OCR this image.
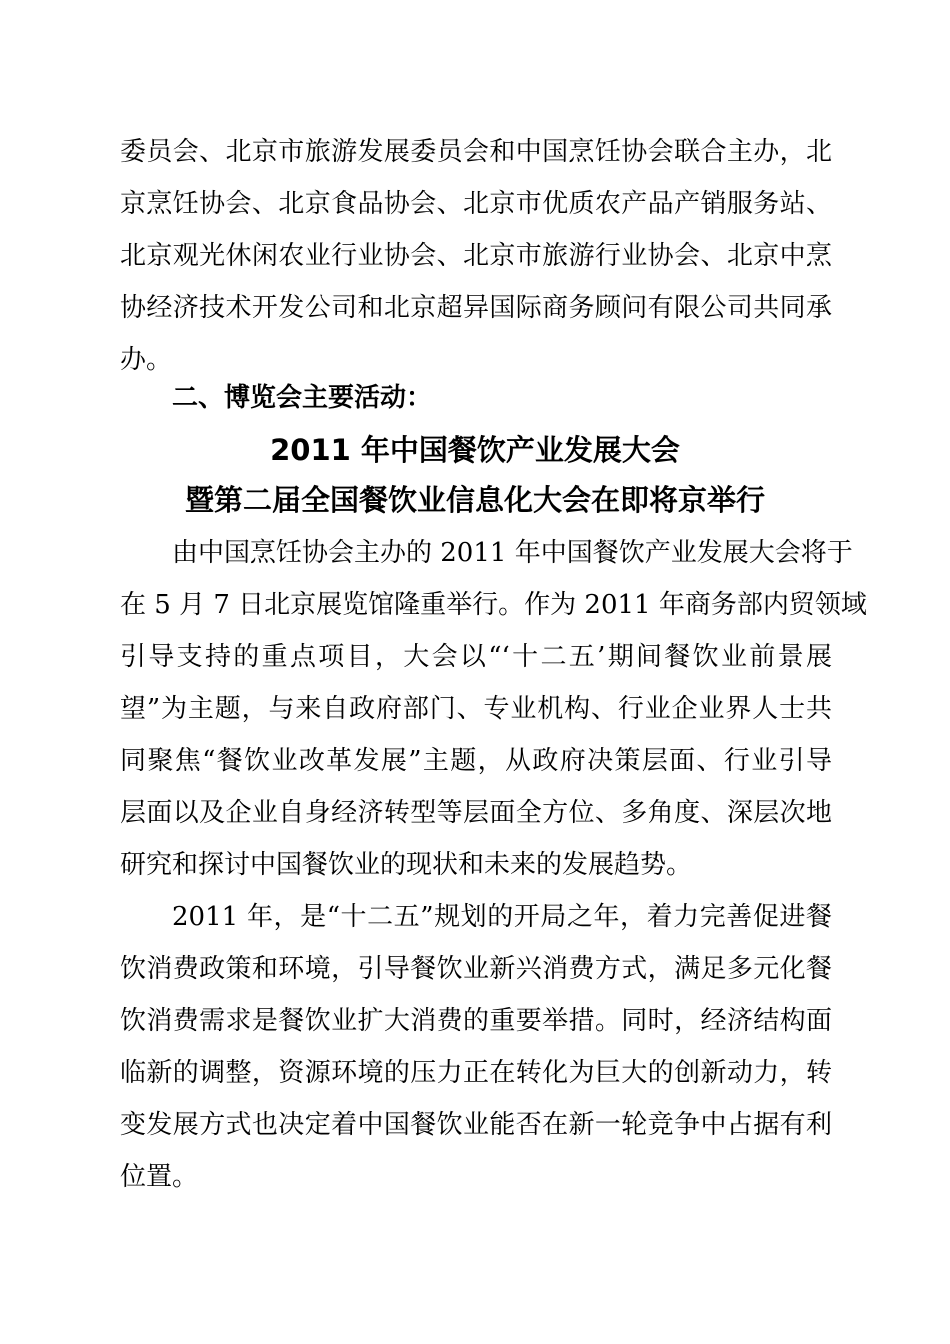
委员会、北京市旅游发展委员会和中国烹饪协会联合主办，北
京烹饪协会、北京食品协会、北京市优质农产品产销服务站、
北京观光休闲农业行业协会、北京市旅游行业协会、北京中烹
协经济技术开发公司和北京超异国际商务顾问有限公司共同承
办。
二、博览会主要活动：
2011 年中国餐饮产业发展大会
暨第二届全国餐饮业信息化大会在即将京举行
由中国烹饪协会主办的 2011 年中国餐饮产业发展大会将于
在 5 月 7 日北京展览馆隆重举行。作为 2011 年商务部内贸领域
引导支持的重点项目，大会以“‘十二五’期间餐饮业前景展
望”为主题，与来自政府部门、专业机构、行业企业界人士共
同聚焦“餐饮业改革发展”主题，从政府决策层面、行业引导
层面以及企业自身经济转型等层面全方位、多角度、深层次地
研究和探讨中国餐饮业的现状和未来的发展趋势。
2011 年，是“十二五”规划的开局之年，着力完善促进餐
饮消费政策和环境，引导餐饮业新兴消费方式，满足多元化餐
饮消费需求是餐饮业扩大消费的重要举措。同时，经济结构面
临新的调整，资源环境的压力正在转化为巨大的创新动力，转
变发展方式也决定着中国餐饮业能否在新一轮竞争中占据有利
位置。
